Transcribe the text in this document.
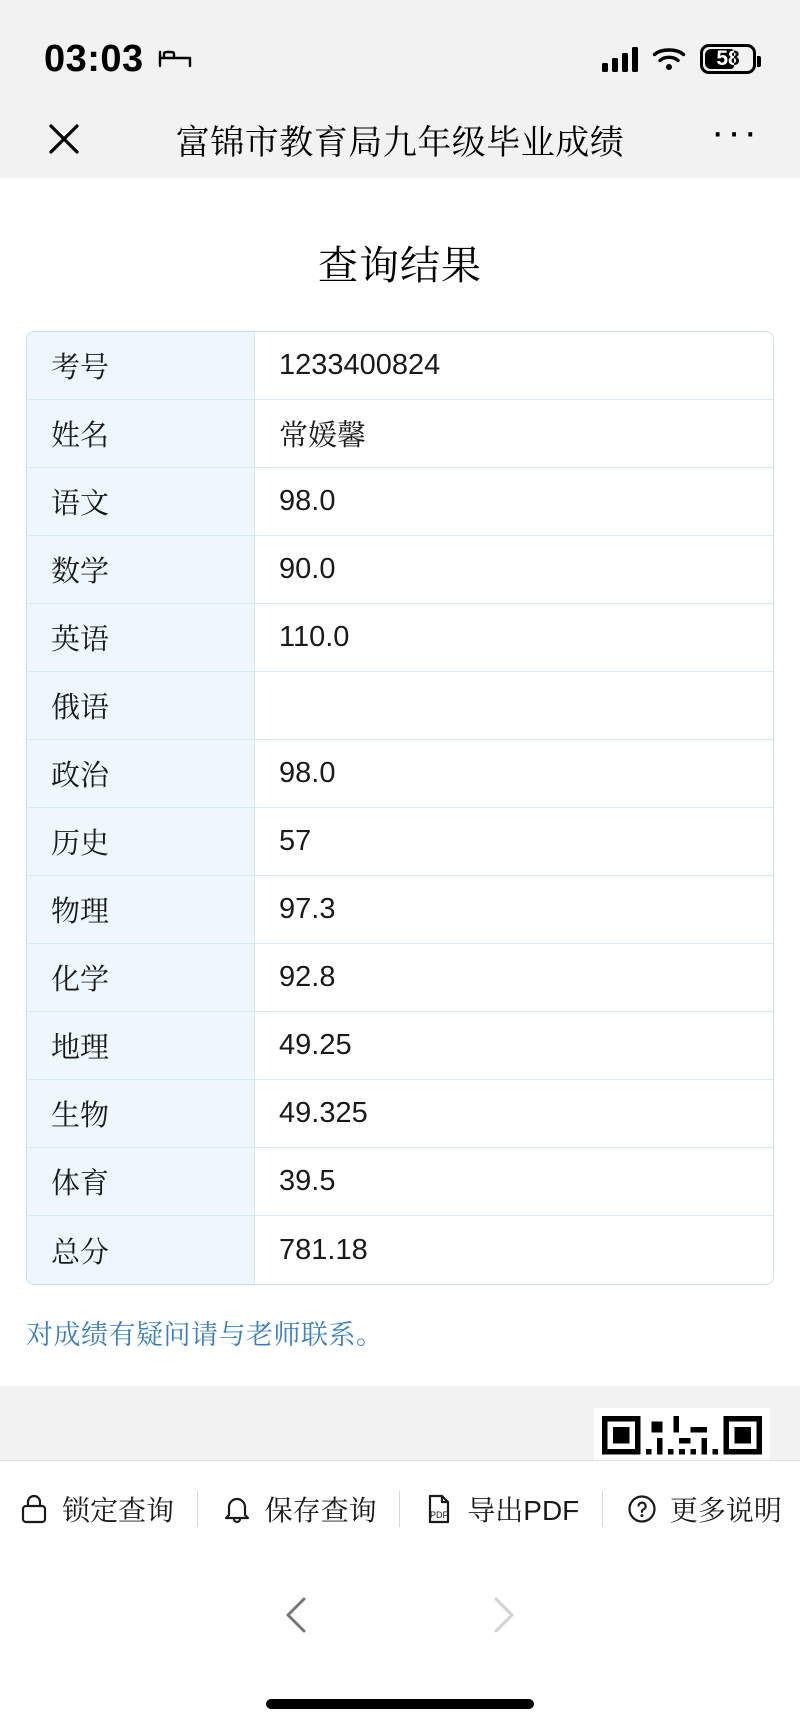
03:03	58
富锦市教育局九年级毕业成绩	···
查询结果
考号	1233400824
姓名	常媛馨
语文	98.0
数学	90.0
英语	110.0
俄语
政治	98.0
历史	57
物理	97.3
化学	92.8
地理	49.25
生物	49.325
体育	39.5
总分	781.18
对成绩有疑问请与老师联系。
锁定查询	保存查询	PDF 导出PDF	更多说明
